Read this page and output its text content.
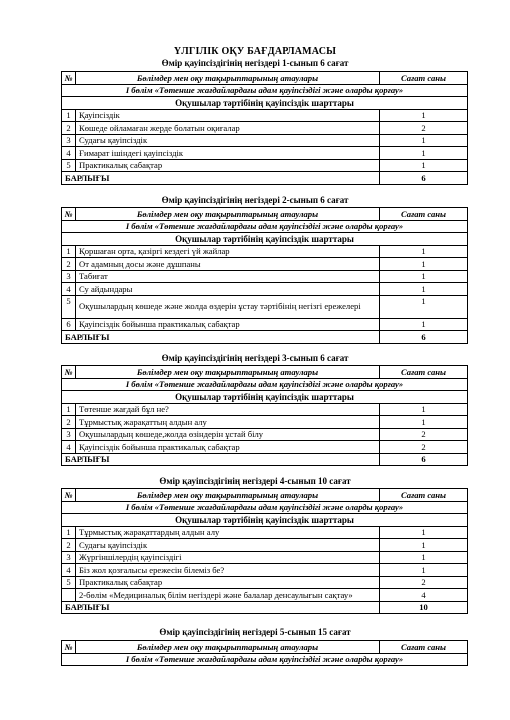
ҮЛГІЛІК ОҚУ БАҒДАРЛАМАСЫ
Өмір қауіпсіздігінің негіздері 1-сынып 6 сағат
№	Бөлімдер мен оқу тақырыптарының атаулары	Сағат саны
І бөлім «Төтенше жағдайлардағы адам қауіпсіздігі және оларды қорғау»		
Оқушылар тәртібінің қауіпсіздік шарттары		
1	Қауіпсіздік	1
2	Көшеде ойламаған жерде болатын оқиғалар	2
3	Судағы қауіпсіздік	1
4	Ғимарат ішіндегі қауіпсіздік	1
5	Практикалық сабақтар	1
БАРЛЫҒЫ		6
Өмір қауіпсіздігінің негіздері 2-сынып 6 сағат
№	Бөлімдер мен оқу тақырыптарының атаулары	Сағат саны
І бөлім «Төтенше жағдайлардағы адам қауіпсіздігі және оларды қорғау»		
Оқушылар тәртібінің қауіпсіздік шарттары		
1	Қоршаған орта, қазіргі кездегі үй жайлар	1
2	От адамның досы және дұшпаны	1
3	Табиғат	1
4	Су айдындары	1
5	Оқушылардың көшеде және жолда өздерін ұстау тәртібінің негізгі ережелері	1
6	Қауіпсіздік бойынша практикалық сабақтар	1
БАРЛЫҒЫ		6
Өмір қауіпсіздігінің негіздері 3-сынып 6 сағат
№	Бөлімдер мен оқу тақырыптарының атаулары	Сағат саны
І бөлім «Төтенше жағдайлардағы адам қауіпсіздігі және оларды қорғау»		
Оқушылар тәртібінің қауіпсіздік шарттары		
1	Төтенше жағдай бұл не?	1
2	Тұрмыстық жарақаттың алдын алу	1
3	Оқушылардың көшеде,жолда өзіндерін ұстай білу	2
4	Қауіпсіздік бойынша практикалық сабақтар	2
БАРЛЫҒЫ		6
Өмір қауіпсіздігінің негіздері 4-сынып 10 сағат
№	Бөлімдер мен оқу тақырыптарының атаулары	Сағат саны
І бөлім «Төтенше жағдайлардағы адам қауіпсіздігі және оларды қорғау»		
Оқушылар тәртібінің қауіпсіздік шарттары		
1	Тұрмыстық жарақаттардың алдын алу	1
2	Судағы қауіпсіздік	1
3	Жүргіншілердің қауіпсіздігі	1
4	Біз жол қозғалысы ережесін білеміз бе?	1
5	Практикалық сабақтар	2
	2-бөлім «Медициналық білім негіздері және балалар денсаулығын сақтау»	4
БАРЛЫҒЫ		10
Өмір қауіпсіздігінің негіздері 5-сынып 15 сағат
№	Бөлімдер мен оқу тақырыптарының атаулары	Сағат саны
І бөлім «Төтенше жағдайлардағы адам қауіпсіздігі және оларды қорғау»
